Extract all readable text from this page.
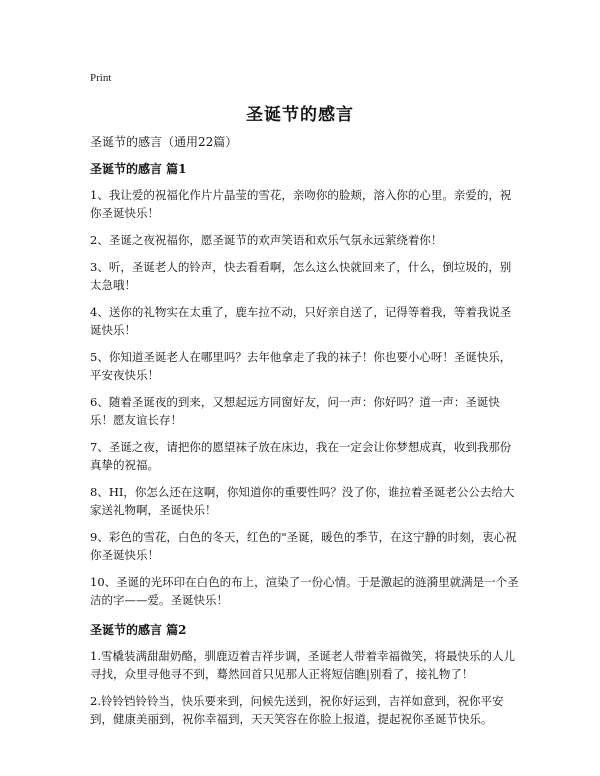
Print
圣诞节的感言
圣诞节的感言（通用22篇）
圣诞节的感言 篇1

1、我让爱的祝福化作片片晶莹的雪花，亲吻你的脸颊，溶入你的心里。亲爱的，祝你圣诞快乐！

2、圣诞之夜祝福你，愿圣诞节的欢声笑语和欢乐气氛永远萦绕着你！

3、听，圣诞老人的铃声，快去看看啊，怎么这么快就回来了，什么，倒垃圾的，别太急哦！

4、送你的礼物实在太重了，鹿车拉不动，只好亲自送了，记得等着我，等着我说圣诞快乐！

5、你知道圣诞老人在哪里吗？去年他拿走了我的袜子！你也要小心呀！圣诞快乐，平安夜快乐！

6、随着圣诞夜的到来，又想起远方同窗好友，问一声：你好吗？道一声：圣诞快乐！愿友谊长存！

7、圣诞之夜，请把你的愿望袜子放在床边，我在一定会让你梦想成真，收到我那份真挚的祝福。

8、HI，你怎么还在这啊，你知道你的重要性吗？没了你，谁拉着圣诞老公公去给大家送礼物啊，圣诞快乐！

9、彩色的雪花，白色的冬天，红色的"圣诞，暖色的季节，在这宁静的时刻，衷心祝你圣诞快乐！

10、圣诞的光环印在白色的布上，渲染了一份心情。于是激起的涟漪里就满是一个圣洁的字——爱。圣诞快乐！

圣诞节的感言 篇2

1.雪橇装满甜甜奶酪，驯鹿迈着吉祥步调，圣诞老人带着幸福微笑，将最快乐的人儿寻找，众里寻他寻不到，蓦然回首只见那人正将短信瞧|别看了，接礼物了！

2.铃铃铛铃铃当，快乐要来到，问候先送到，祝你好运到，吉祥如意到，祝你平安到，健康美丽到，祝你幸福到，天天笑容在你脸上报道，提起祝你圣诞节快乐。
